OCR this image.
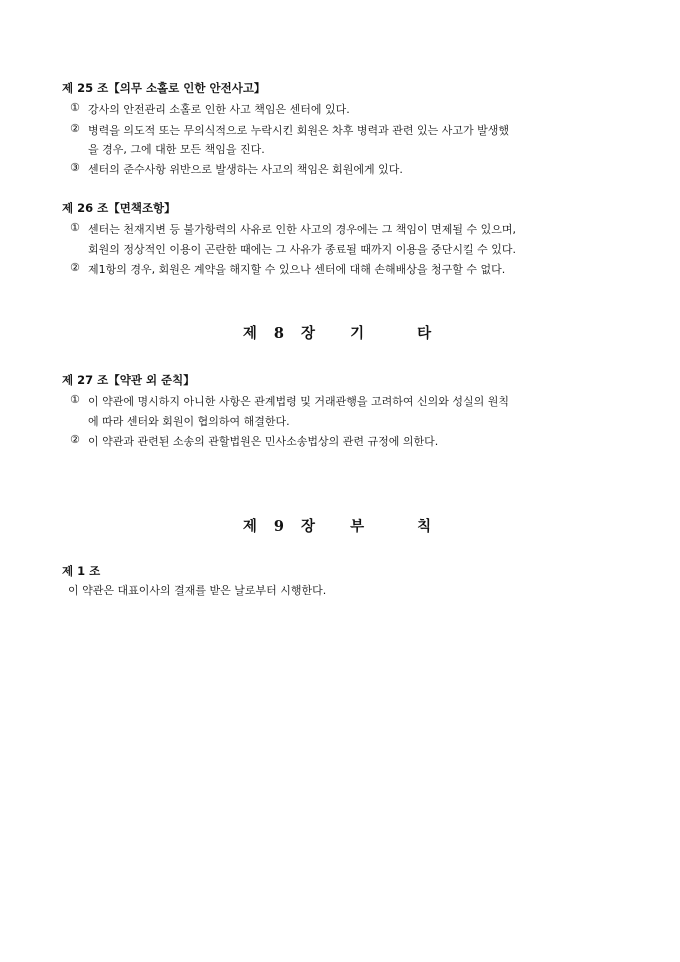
제 25 조【의무 소홀로 인한 안전사고】
① 강사의 안전관리 소홀로 인한 사고 책임은 센터에 있다.
② 병력을 의도적 또는 무의식적으로 누락시킨 회원은 차후 병력과 관련 있는 사고가 발생했
을 경우, 그에 대한 모든 책임을 진다.
③ 센터의 준수사항 위반으로 발생하는 사고의 책임은 회원에게 있다.
제 26 조【면책조항】
① 센터는 천재지변 등 불가항력의 사유로 인한 사고의 경우에는 그 책임이 면제될 수 있으며,
회원의 정상적인 이용이 곤란한 때에는 그 사유가 종료될 때까지 이용을 중단시킬 수 있다.
② 제1항의 경우, 회원은 계약을 해지할 수 있으나 센터에 대해 손해배상을 청구할 수 없다.
제 8 장 기	타
제 27 조【약관 외 준칙】
① 이 약관에 명시하지 아니한 사항은 관계법령 및 거래관행을 고려하여 신의와 성실의 원칙
에 따라 센터와 회원이 협의하여 해결한다.
② 이 약관과 관련된 소송의 관할법원은 민사소송법상의 관련 규정에 의한다.
제 9 장 부	칙
제 1 조
이 약관은 대표이사의 결재를 받은 날로부터 시행한다.
